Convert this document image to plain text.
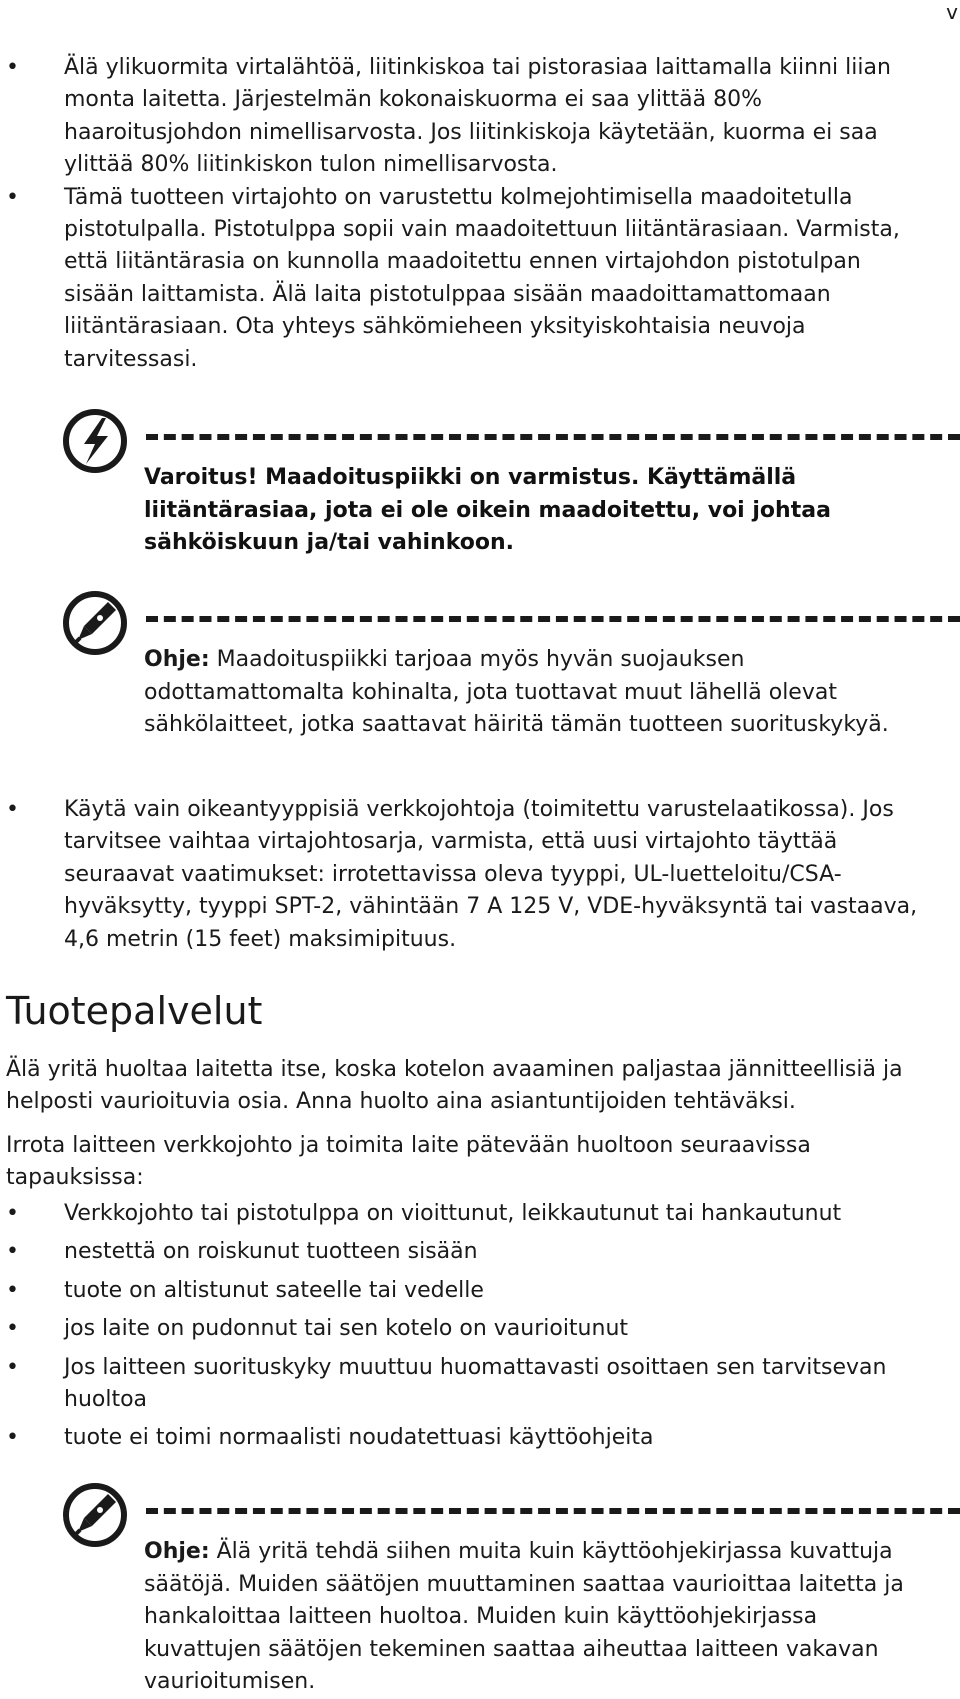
v
• Älä ylikuormita virtalähtöä, liitinkiskoa tai pistorasiaa laittamalla kiinni liian monta laitetta. Järjestelmän kokonaiskuorma ei saa ylittää 80% haaroitusjohdon nimellisarvosta. Jos liitinkiskoja käytetään, kuorma ei saa ylittää 80% liitinkiskon tulon nimellisarvosta.
• Tämä tuotteen virtajohto on varustettu kolmejohtimisella maadoitetulla pistotulpalla. Pistotulppa sopii vain maadoitettuun liitäntärasiaan. Varmista, että liitäntärasia on kunnolla maadoitettu ennen virtajohdon pistotulpan sisään laittamista. Älä laita pistotulppaa sisään maadoittamattomaan liitäntärasiaan. Ota yhteys sähkömieheen yksityiskohtaisia neuvoja tarvitessasi.
Varoitus! Maadoituspiikki on varmistus. Käyttämällä liitäntärasiaa, jota ei ole oikein maadoitettu, voi johtaa sähköiskuun ja/tai vahinkoon.
Ohje: Maadoituspiikki tarjoaa myös hyvän suojauksen odottamattomalta kohinalta, jota tuottavat muut lähellä olevat sähkölaitteet, jotka saattavat häiritä tämän tuotteen suorituskykyä.
• Käytä vain oikeantyyppisiä verkkojohtoja (toimitettu varustelaatikossa). Jos tarvitsee vaihtaa virtajohtosarja, varmista, että uusi virtajohto täyttää seuraavat vaatimukset: irrotettavissa oleva tyyppi, UL-luetteloitu/CSA-hyväksytty, tyyppi SPT-2, vähintään 7 A 125 V, VDE-hyväksyntä tai vastaava, 4,6 metrin (15 feet) maksimipituus.
Tuotepalvelut
Älä yritä huoltaa laitetta itse, koska kotelon avaaminen paljastaa jännitteellisiä ja helposti vaurioituvia osia. Anna huolto aina asiantuntijoiden tehtäväksi.
Irrota laitteen verkkojohto ja toimita laite pätevään huoltoon seuraavissa tapauksissa:
• Verkkojohto tai pistotulppa on vioittunut, leikkautunut tai hankautunut
• nestettä on roiskunut tuotteen sisään
• tuote on altistunut sateelle tai vedelle
• jos laite on pudonnut tai sen kotelo on vaurioitunut
• Jos laitteen suorituskyky muuttuu huomattavasti osoittaen sen tarvitsevan huoltoa
• tuote ei toimi normaalisti noudatettuasi käyttöohjeita
Ohje: Älä yritä tehdä siihen muita kuin käyttöohjekirjassa kuvattuja säätöjä. Muiden säätöjen muuttaminen saattaa vaurioittaa laitetta ja hankaloittaa laitteen huoltoa. Muiden kuin käyttöohjekirjassa kuvattujen säätöjen tekeminen saattaa aiheuttaa laitteen vakavan vaurioitumisen.
